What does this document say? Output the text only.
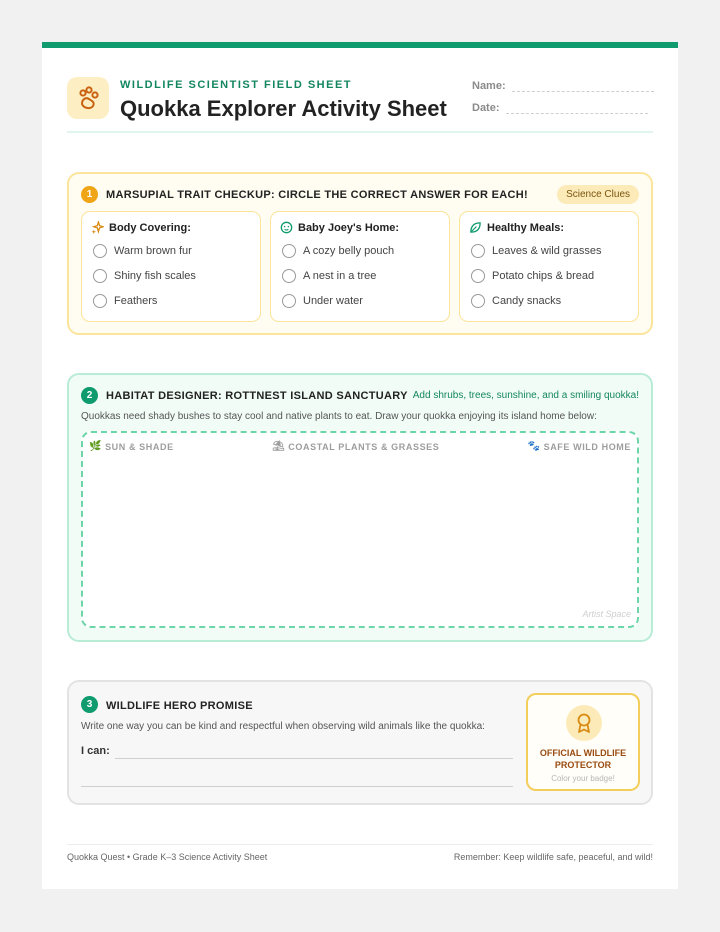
WILDLIFE SCIENTIST FIELD SHEET
Quokka Explorer Activity Sheet
Name:
Date:
1	MARSUPIAL TRAIT CHECKUP: CIRCLE THE CORRECT ANSWER FOR EACH!	Science Clues
Body Covering:
Warm brown fur
Shiny fish scales
Feathers
Baby Joey's Home:
A cozy belly pouch
A nest in a tree
Under water
Healthy Meals:
Leaves & wild grasses
Potato chips & bread
Candy snacks
2	HABITAT DESIGNER: ROTTNEST ISLAND SANCTUARY Add shrubs, trees, sunshine, and a smiling quokka!
Quokkas need shady bushes to stay cool and native plants to eat. Draw your quokka enjoying its island home below:
🌿 SUN & SHADE	⛱ COASTAL PLANTS & GRASSES	🐾 SAFE WILD HOME
Artist Space
3	WILDLIFE HERO PROMISE
Write one way you can be kind and respectful when observing wild animals like the quokka:
I can:	OFFICIAL WILDLIFE PROTECTOR
Color your badge!
Quokka Quest • Grade K–3 Science Activity Sheet	Remember: Keep wildlife safe, peaceful, and wild!
